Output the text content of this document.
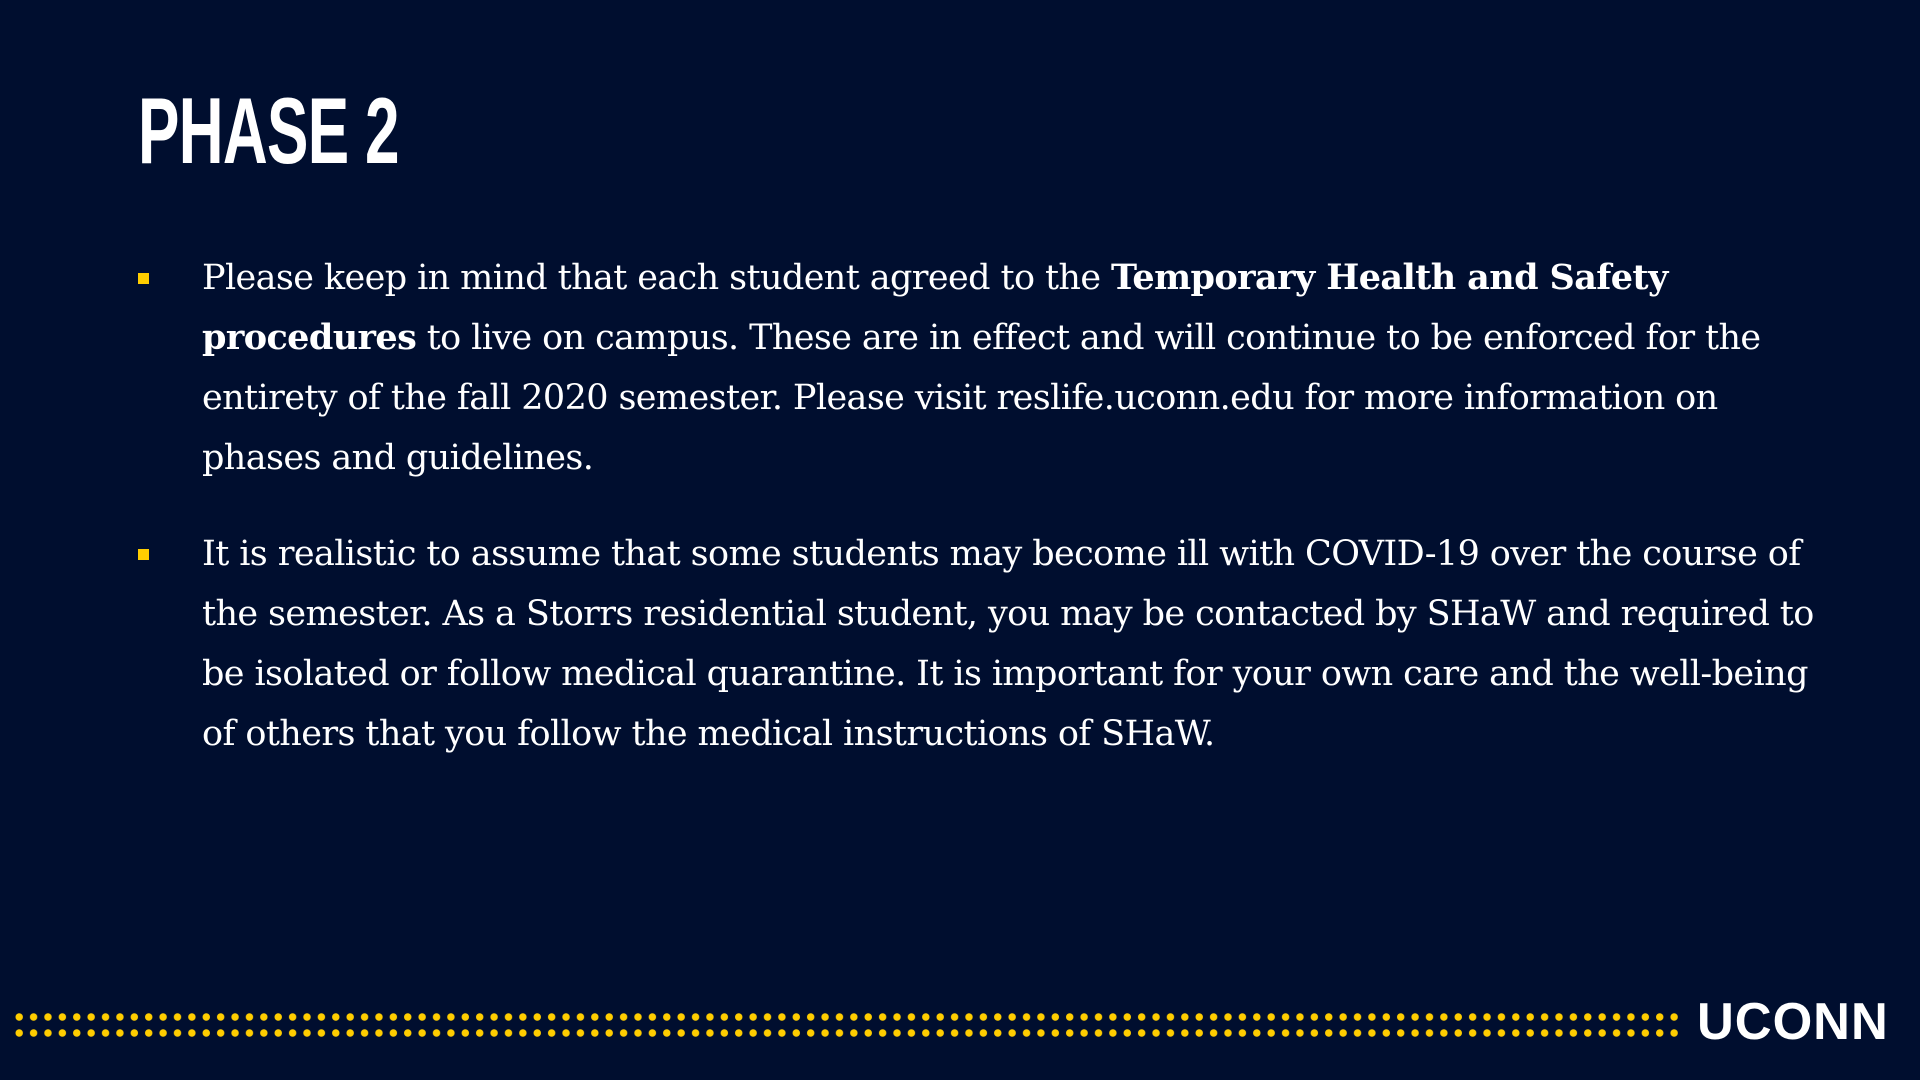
PHASE 2
Please keep in mind that each student agreed to the Temporary Health and Safety procedures to live on campus. These are in effect and will continue to be enforced for the entirety of the fall 2020 semester. Please visit reslife.uconn.edu for more information on phases and guidelines.
It is realistic to assume that some students may become ill with COVID-19 over the course of the semester. As a Storrs residential student, you may be contacted by SHaW and required to be isolated or follow medical quarantine. It is important for your own care and the well-being of others that you follow the medical instructions of SHaW.
UCONN
